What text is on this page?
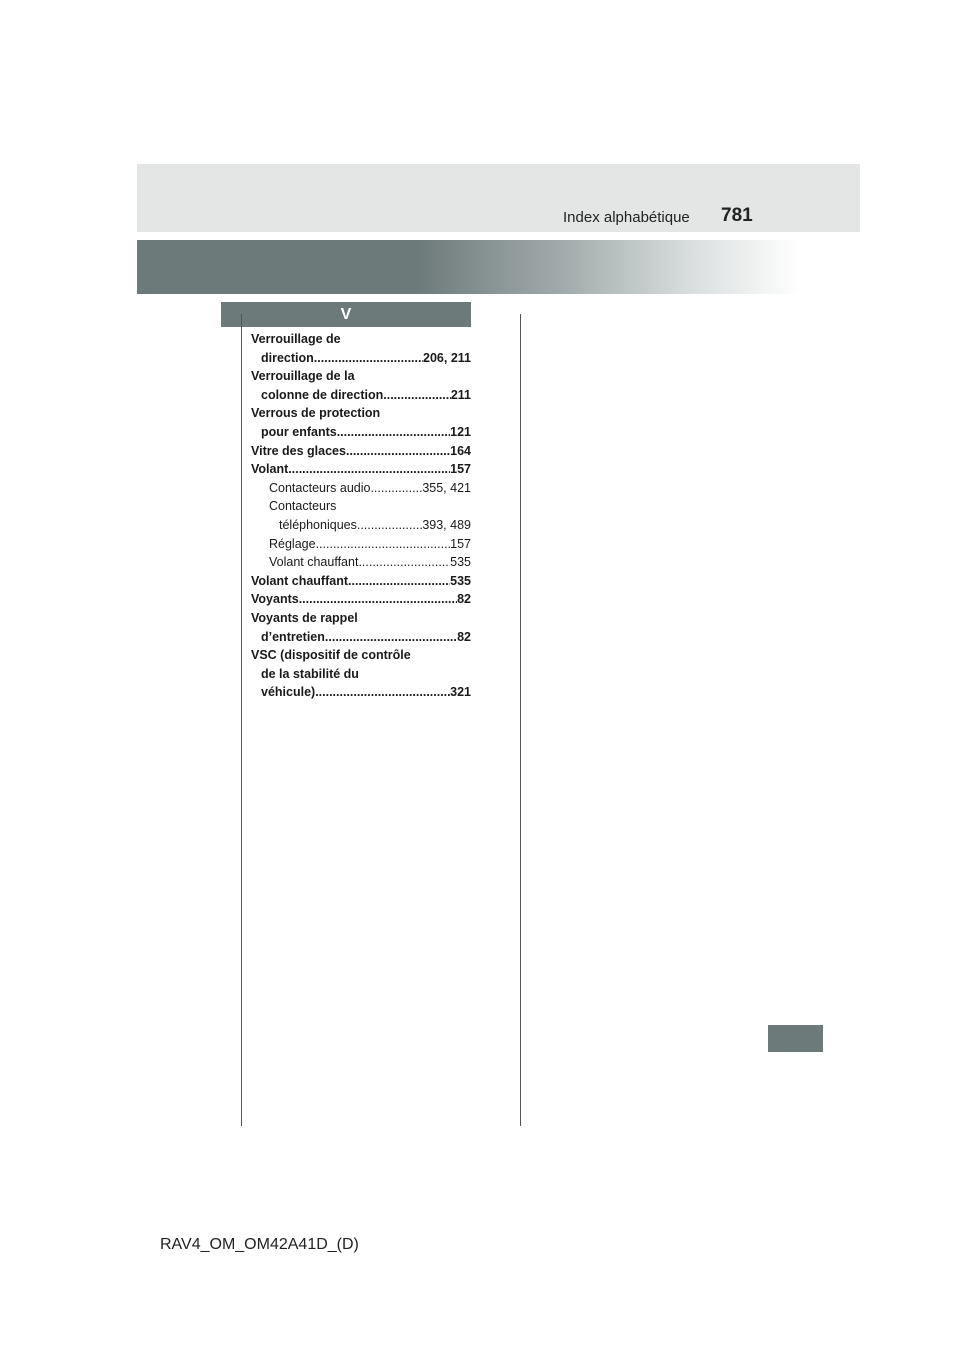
Index alphabétique 781
V
Verrouillage de
direction .....	206, 211
Verrouillage de la
colonne de direction .....	211
Verrous de protection
pour enfants .....	121
Vitre des glaces .....	164
Volant .....	157
Contacteurs audio .....	355, 421
Contacteurs
téléphoniques .....	393, 489
Réglage .....	157
Volant chauffant .....	535
Volant chauffant .....	535
Voyants .....	82
Voyants de rappel
d’entretien .....	82
VSC (dispositif de contrôle
de la stabilité du
véhicule) .....	321
RAV4_OM_OM42A41D_(D)
